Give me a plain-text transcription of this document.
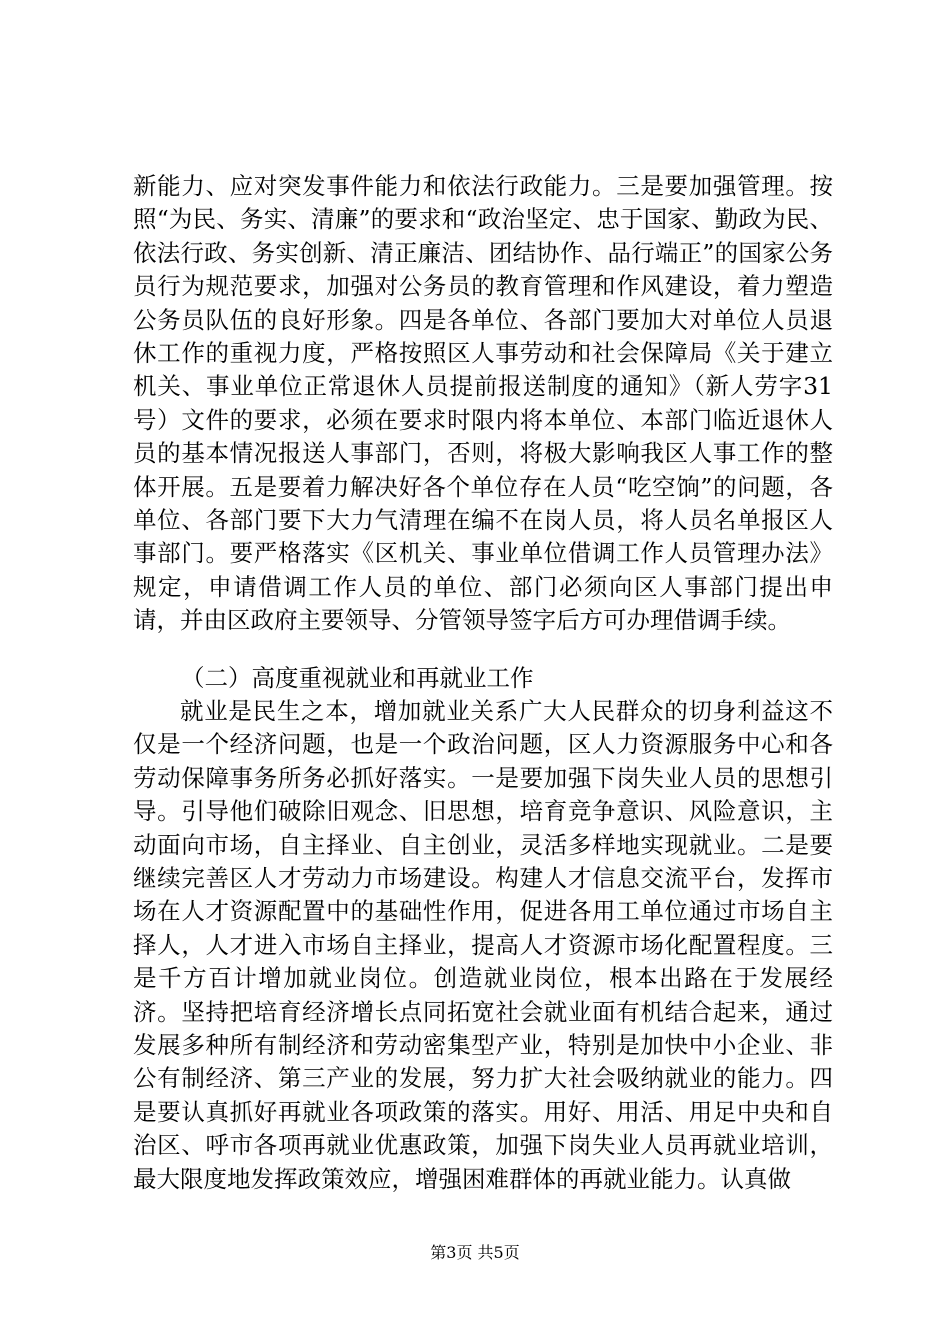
新能力、应对突发事件能力和依法行政能力。三是要加强管理。按照“为民、务实、清廉”的要求和“政治坚定、忠于国家、勤政为民、依法行政、务实创新、清正廉洁、团结协作、品行端正”的国家公务员行为规范要求，加强对公务员的教育管理和作风建设，着力塑造公务员队伍的良好形象。四是各单位、各部门要加大对单位人员退休工作的重视力度，严格按照区人事劳动和社会保障局《关于建立机关、事业单位正常退休人员提前报送制度的通知》（新人劳字31号）文件的要求，必须在要求时限内将本单位、本部门临近退休人员的基本情况报送人事部门，否则，将极大影响我区人事工作的整体开展。五是要着力解决好各个单位存在人员“吃空饷”的问题，各单位、各部门要下大力气清理在编不在岗人员，将人员名单报区人事部门。要严格落实《区机关、事业单位借调工作人员管理办法》规定，申请借调工作人员的单位、部门必须向区人事部门提出申请，并由区政府主要领导、分管领导签字后方可办理借调手续。

（二）高度重视就业和再就业工作

就业是民生之本，增加就业关系广大人民群众的切身利益这不仅是一个经济问题，也是一个政治问题，区人力资源服务中心和各劳动保障事务所务必抓好落实。一是要加强下岗失业人员的思想引导。引导他们破除旧观念、旧思想，培育竞争意识、风险意识，主动面向市场，自主择业、自主创业，灵活多样地实现就业。二是要继续完善区人才劳动力市场建设。构建人才信息交流平台，发挥市场在人才资源配置中的基础性作用，促进各用工单位通过市场自主择人，人才进入市场自主择业，提高人才资源市场化配置程度。三是千方百计增加就业岗位。创造就业岗位，根本出路在于发展经济。坚持把培育经济增长点同拓宽社会就业面有机结合起来，通过发展多种所有制经济和劳动密集型产业，特别是加快中小企业、非公有制经济、第三产业的发展，努力扩大社会吸纳就业的能力。四是要认真抓好再就业各项政策的落实。用好、用活、用足中央和自治区、呼市各项再就业优惠政策，加强下岗失业人员再就业培训，最大限度地发挥政策效应，增强困难群体的再就业能力。认真做

第3页 共5页
